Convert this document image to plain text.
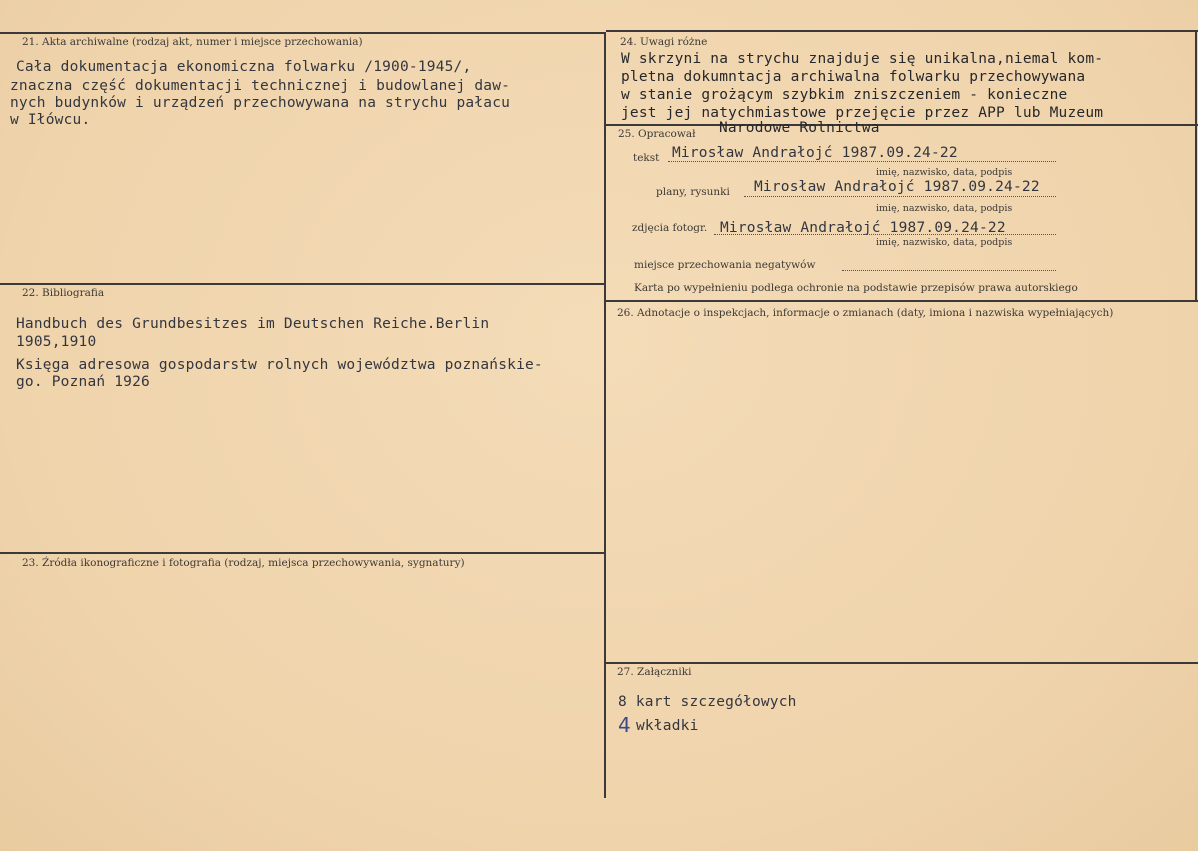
21. Akta archiwalne (rodzaj akt, numer i miejsce przechowania)
Cała dokumentacja ekonomiczna folwarku /1900-1945/,
znaczna część dokumentacji technicznej i budowlanej daw-
nych budynków i urządzeń przechowywana na strychu pałacu
w Iłówcu.
22. Bibliografia
Handbuch des Grundbesitzes im Deutschen Reiche.Berlin
1905,1910
Księga adresowa gospodarstw rolnych województwa poznańskie-
go. Poznań 1926
23. Źródła ikonograficzne i fotografia (rodzaj, miejsca przechowywania, sygnatury)
24. Uwagi różne
W skrzyni na strychu znajduje się unikalna,niemal kom-
pletna dokumntacja archiwalna folwarku przechowywana
w stanie grożącym szybkim zniszczeniem - konieczne
jest jej natychmiastowe przejęcie przez APP lub Muzeum
Narodowe Rolnictwa
25. Opracował
tekst Mirosław Andrałojć 1987.09.24-22
imię, nazwisko, data, podpis
plany, rysunki Mirosław Andrałojć 1987.09.24-22
imię, nazwisko, data, podpis
zdjęcia fotogr. Mirosław Andrałojć 1987.09.24-22
imię, nazwisko, data, podpis
miejsce przechowania negatywów
Karta po wypełnieniu podlega ochronie na podstawie przepisów prawa autorskiego
26. Adnotacje o inspekcjach, informacje o zmianach (daty, imiona i nazwiska wypełniających)
27. Załączniki
8 kart szczegółowych
4 wkładki
